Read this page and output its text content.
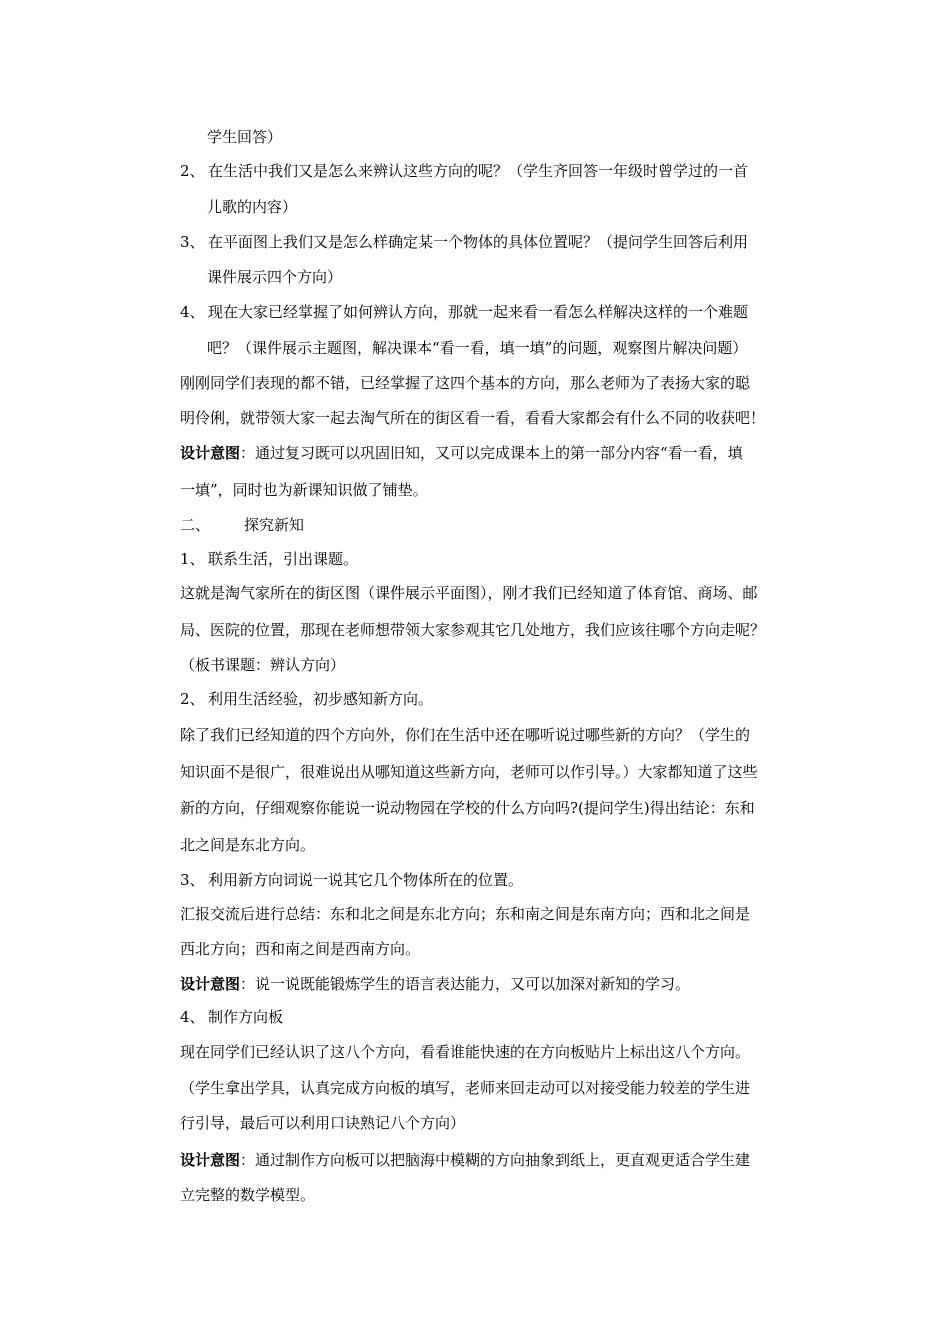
学生回答）
2、 在生活中我们又是怎么来辨认这些方向的呢？（学生齐回答一年级时曾学过的一首
儿歌的内容）
3、 在平面图上我们又是怎么样确定某一个物体的具体位置呢？（提问学生回答后利用
课件展示四个方向）
4、 现在大家已经掌握了如何辨认方向，那就一起来看一看怎么样解决这样的一个难题
吧？（课件展示主题图，解决课本“看一看，填一填”的问题，观察图片解决问题）
刚刚同学们表现的都不错，已经掌握了这四个基本的方向，那么老师为了表扬大家的聪
明伶俐，就带领大家一起去淘气所在的街区看一看，看看大家都会有什么不同的收获吧！
设计意图：通过复习既可以巩固旧知，又可以完成课本上的第一部分内容“看一看，填
一填”，同时也为新课知识做了铺垫。
二、 探究新知
1、 联系生活，引出课题。
这就是淘气家所在的街区图（课件展示平面图），刚才我们已经知道了体育馆、商场、邮
局、医院的位置，那现在老师想带领大家参观其它几处地方，我们应该往哪个方向走呢？
（板书课题：辨认方向）
2、 利用生活经验，初步感知新方向。
除了我们已经知道的四个方向外，你们在生活中还在哪听说过哪些新的方向？（学生的
知识面不是很广，很难说出从哪知道这些新方向，老师可以作引导。）大家都知道了这些
新的方向，仔细观察你能说一说动物园在学校的什么方向吗?(提问学生)得出结论：东和
北之间是东北方向。
3、 利用新方向词说一说其它几个物体所在的位置。
汇报交流后进行总结：东和北之间是东北方向；东和南之间是东南方向；西和北之间是
西北方向；西和南之间是西南方向。
设计意图：说一说既能锻炼学生的语言表达能力，又可以加深对新知的学习。
4、 制作方向板
现在同学们已经认识了这八个方向，看看谁能快速的在方向板贴片上标出这八个方向。
（学生拿出学具，认真完成方向板的填写，老师来回走动可以对接受能力较差的学生进
行引导，最后可以利用口诀熟记八个方向）
设计意图：通过制作方向板可以把脑海中模糊的方向抽象到纸上，更直观更适合学生建
立完整的数学模型。
